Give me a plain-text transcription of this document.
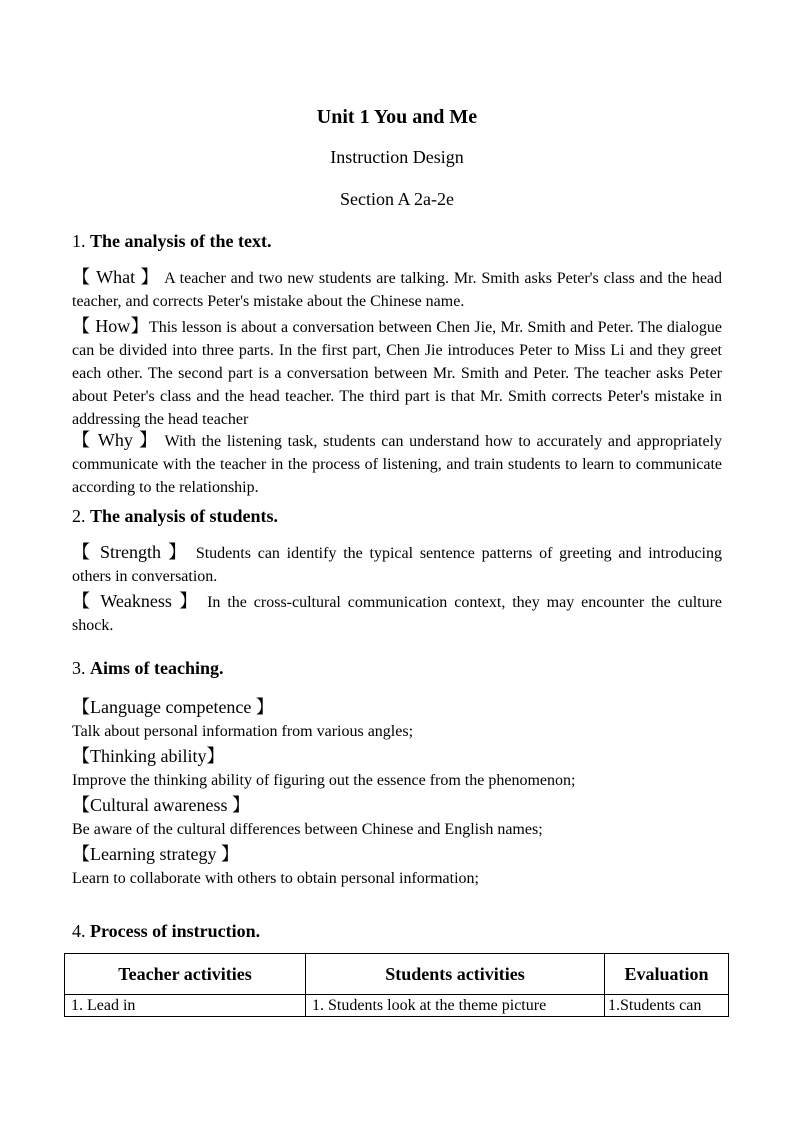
Unit 1 You and Me
Instruction Design
Section A 2a-2e
1. The analysis of the text.

【 What 】 A teacher and two new students are talking. Mr. Smith asks Peter's class and the head teacher, and corrects Peter's mistake about the Chinese name.

【 How】This lesson is about a conversation between Chen Jie, Mr. Smith and Peter. The dialogue can be divided into three parts. In the first part, Chen Jie introduces Peter to Miss Li and they greet each other. The second part is a conversation between Mr. Smith and Peter. The teacher asks Peter about Peter's class and the head teacher. The third part is that Mr. Smith corrects Peter's mistake in addressing the head teacher

【 Why 】 With the listening task, students can understand how to accurately and appropriately communicate with the teacher in the process of listening, and train students to learn to communicate according to the relationship.

2. The analysis of students.

【 Strength 】 Students can identify the typical sentence patterns of greeting and introducing others in conversation.

【 Weakness 】 In the cross-cultural communication context, they may encounter the culture shock.

3. Aims of teaching.
【Language competence 】
Talk about personal information from various angles;
【Thinking ability】
Improve the thinking ability of figuring out the essence from the phenomenon;
【Cultural awareness 】
Be aware of the cultural differences between Chinese and English names;
【Learning strategy 】
Learn to collaborate with others to obtain personal information;
4. Process of instruction.
Teacher activities	Students activities	Evaluation
1. Lead in	1. Students look at the theme picture	1.Students can
